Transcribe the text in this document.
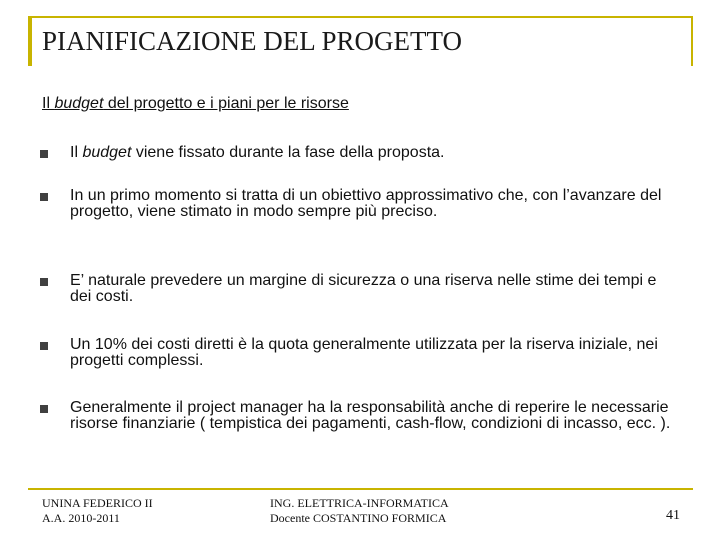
PIANIFICAZIONE DEL PROGETTO
Il budget del progetto e i piani per le risorse
Il budget viene fissato durante la fase della proposta.
In un primo momento si tratta di un obiettivo approssimativo che, con l’avanzare del progetto, viene stimato in modo sempre più preciso.
E’ naturale prevedere un margine di sicurezza o una riserva nelle stime dei tempi e dei costi.
Un 10% dei costi diretti è la quota generalmente utilizzata per la riserva iniziale, nei progetti complessi.
Generalmente il project manager ha la responsabilità anche di reperire le necessarie risorse finanziarie ( tempistica dei pagamenti, cash-flow, condizioni di incasso, ecc. ).
UNINA FEDERICO II
A.A. 2010-2011
ING. ELETTRICA-INFORMATICA
Docente COSTANTINO FORMICA	41
